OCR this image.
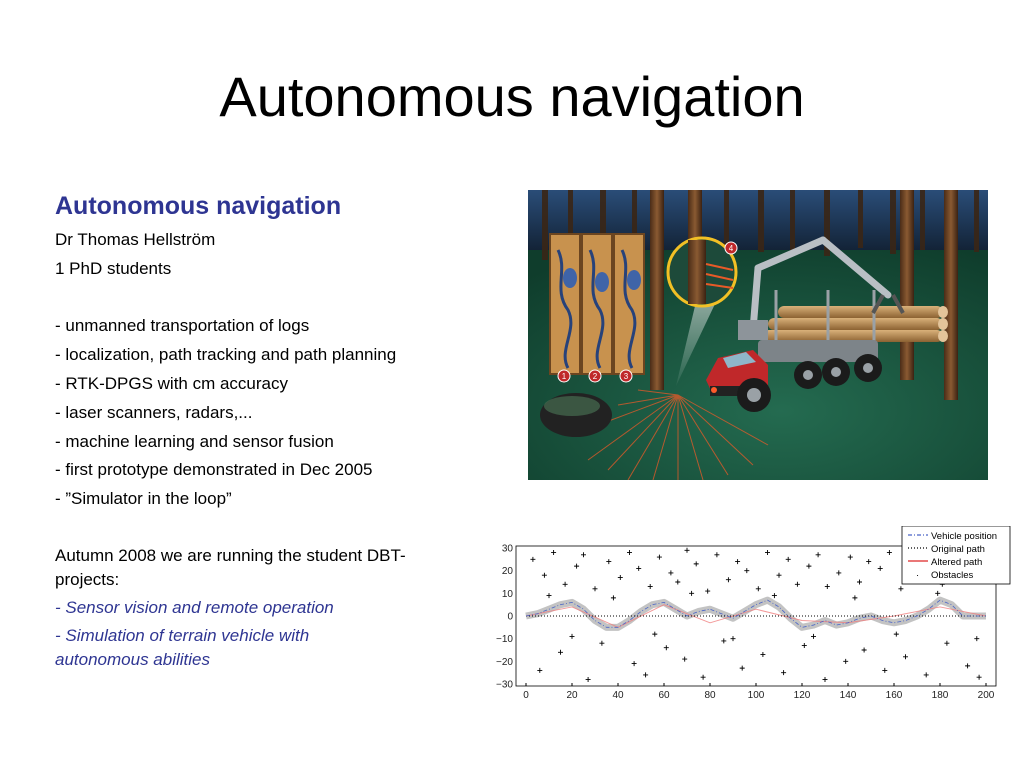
Autonomous navigation
Autonomous navigation
Dr Thomas Hellström
1 PhD students
- unmanned transportation of logs
- localization, path tracking and path planning
- RTK-DPGS with cm accuracy
- laser scanners, radars,...
- machine learning and sensor fusion
- first prototype demonstrated in Dec 2005
- ”Simulator in the loop”
Autumn 2008 we are running the student DBT-projects:
- Sensor vision and remote operation
- Simulation of terrain vehicle with autonomous abilities
1	2	3
4
0	20	40	60	80	100	120	140	160	180	200
30
20
10
0
−10
−20
−30
Vehicle position
Original path
Altered path
· Obstacles
